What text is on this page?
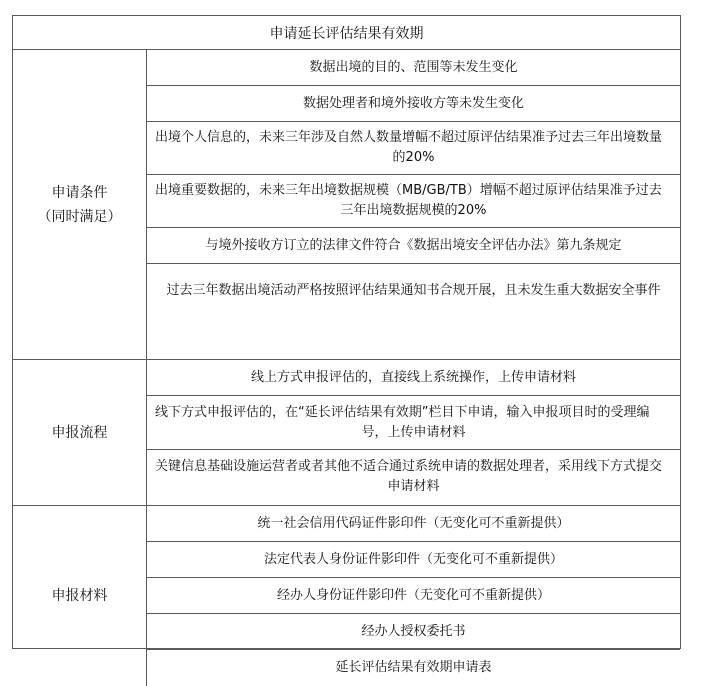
申请延长评估结果有效期
申请条件
（同时满足）
数据出境的目的、范围等未发生变化
数据处理者和境外接收方等未发生变化
出境个人信息的，未来三年涉及自然人数量增幅不超过原评估结果准予过去三年出境数量的20%
出境重要数据的，未来三年出境数据规模（MB/GB/TB）增幅不超过原评估结果准予过去三年出境数据规模的20%
与境外接收方订立的法律文件符合《数据出境安全评估办法》第九条规定
过去三年数据出境活动严格按照评估结果通知书合规开展，且未发生重大数据安全事件
申报流程
线上方式申报评估的，直接线上系统操作，上传申请材料
线下方式申报评估的，在“延长评估结果有效期”栏目下申请，输入申报项目时的受理编号，上传申请材料
关键信息基础设施运营者或者其他不适合通过系统申请的数据处理者，采用线下方式提交申请材料
申报材料
统一社会信用代码证件影印件（无变化可不重新提供）
法定代表人身份证件影印件（无变化可不重新提供）
经办人身份证件影印件（无变化可不重新提供）
经办人授权委托书
延长评估结果有效期申请表
